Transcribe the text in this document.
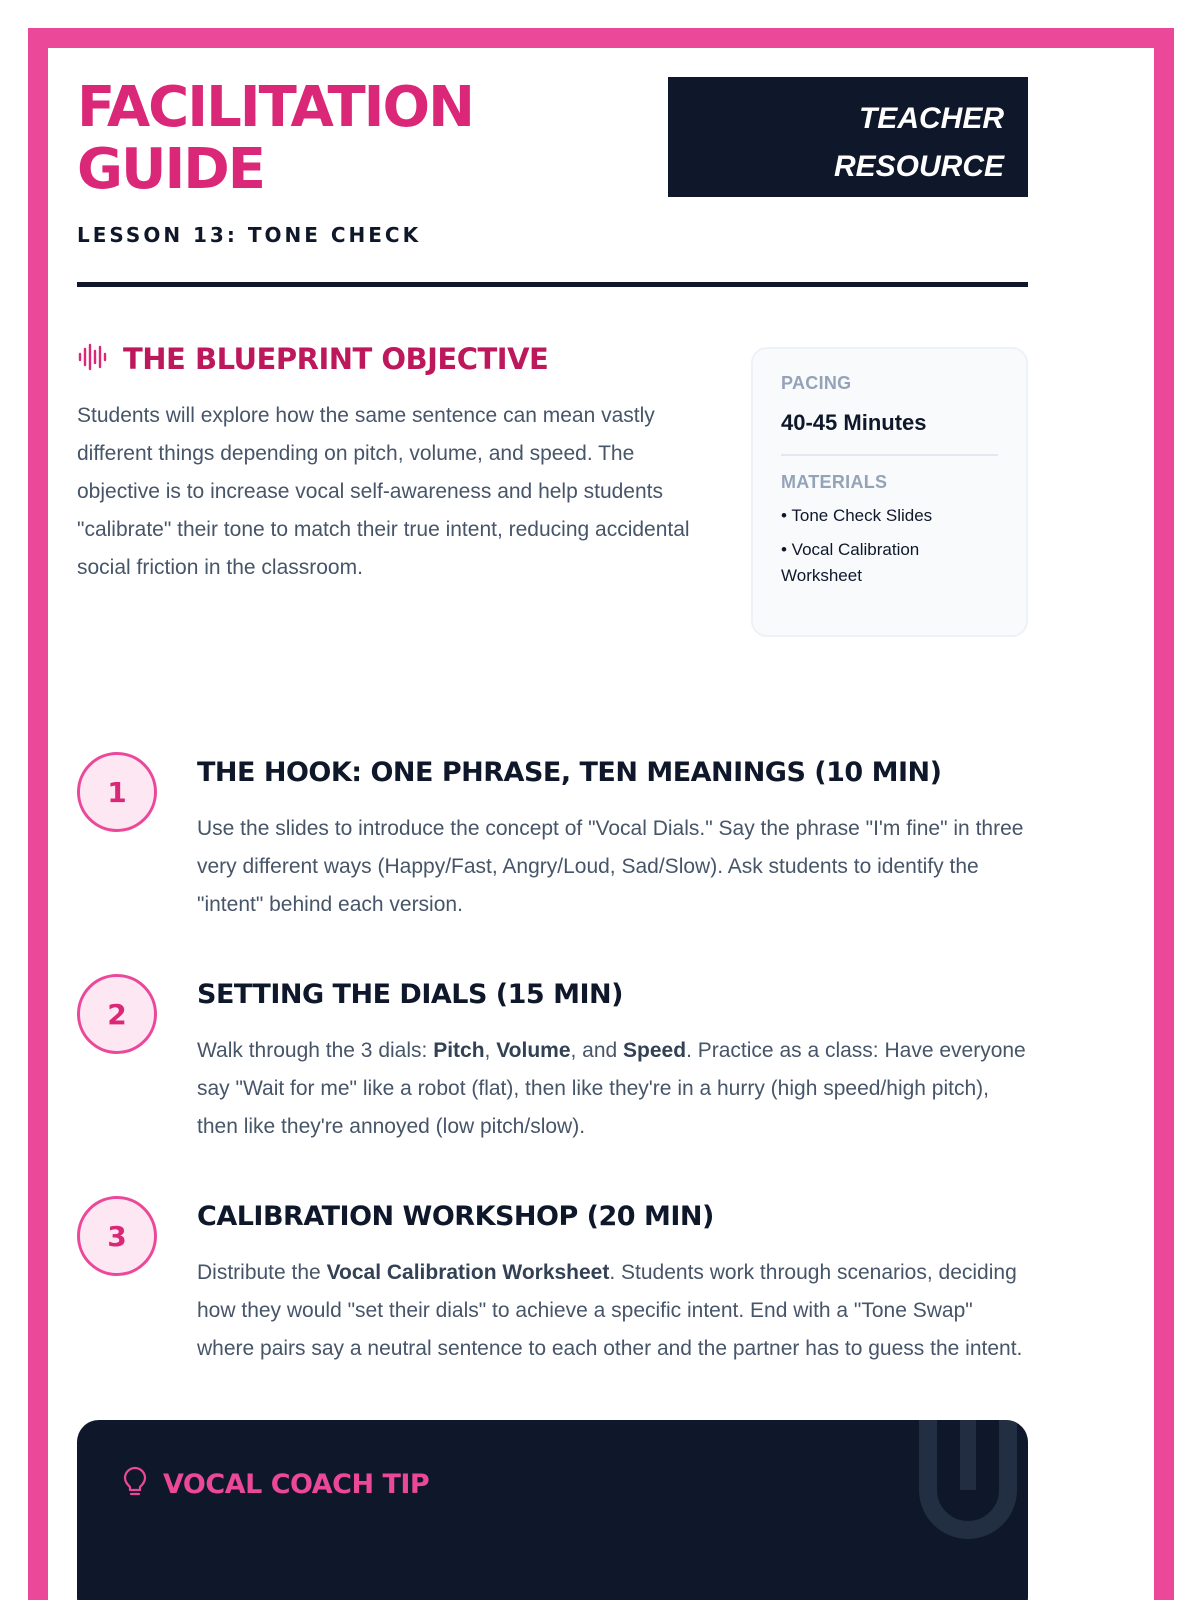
FACILITATION
GUIDE
LESSON 13: TONE CHECK
TEACHER
RESOURCE
THE BLUEPRINT OBJECTIVE

Students will explore how the same sentence can mean vastly different things depending on pitch, volume, and speed. The objective is to increase vocal self-awareness and help students "calibrate" their tone to match their true intent, reducing accidental social friction in the classroom.

PACING
40-45 Minutes
MATERIALS
• Tone Check Slides
• Vocal Calibration Worksheet
1
THE HOOK: ONE PHRASE, TEN MEANINGS (10 MIN)

Use the slides to introduce the concept of "Vocal Dials." Say the phrase "I'm fine" in three very different ways (Happy/Fast, Angry/Loud, Sad/Slow). Ask students to identify the "intent" behind each version.

2
SETTING THE DIALS (15 MIN)

Walk through the 3 dials: Pitch, Volume, and Speed. Practice as a class: Have everyone say "Wait for me" like a robot (flat), then like they're in a hurry (high speed/high pitch), then like they're annoyed (low pitch/slow).

3
CALIBRATION WORKSHOP (20 MIN)

Distribute the Vocal Calibration Worksheet. Students work through scenarios, deciding how they would "set their dials" to achieve a specific intent. End with a "Tone Swap" where pairs say a neutral sentence to each other and the partner has to guess the intent.

VOCAL COACH TIP
